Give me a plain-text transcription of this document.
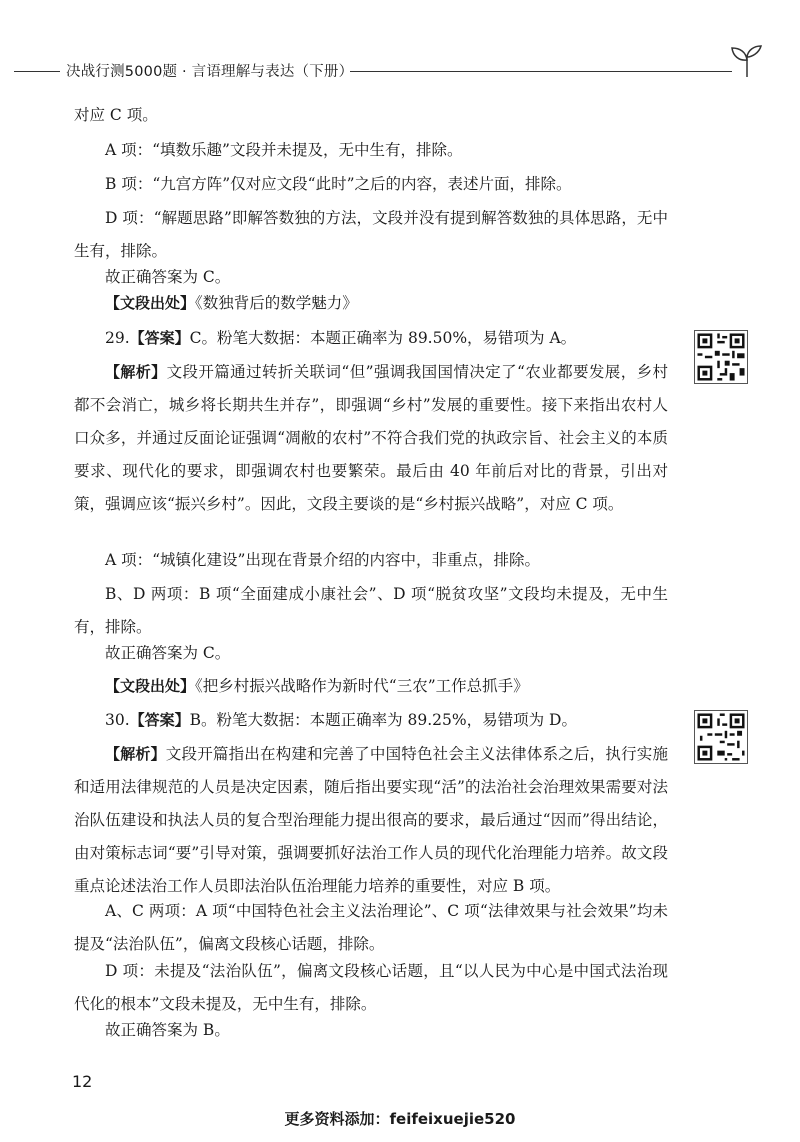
决战行测5000题 · 言语理解与表达（下册）

对应 C 项。

A 项：“填数乐趣”文段并未提及，无中生有，排除。

B 项：“九宫方阵”仅对应文段“此时”之后的内容，表述片面，排除。

D 项：“解题思路”即解答数独的方法，文段并没有提到解答数独的具体思路，无中生有，排除。

故正确答案为 C。

【文段出处】《数独背后的数学魅力》

29.【答案】C。粉笔大数据：本题正确率为 89.50%，易错项为 A。

【解析】文段开篇通过转折关联词“但”强调我国国情决定了“农业都要发展，乡村都不会消亡，城乡将长期共生并存”，即强调“乡村”发展的重要性。接下来指出农村人口众多，并通过反面论证强调“凋敝的农村”不符合我们党的执政宗旨、社会主义的本质要求、现代化的要求，即强调农村也要繁荣。最后由 40 年前后对比的背景，引出对策，强调应该“振兴乡村”。因此，文段主要谈的是“乡村振兴战略”，对应 C 项。

A 项：“城镇化建设”出现在背景介绍的内容中，非重点，排除。

B、D 两项：B 项“全面建成小康社会”、D 项“脱贫攻坚”文段均未提及，无中生有，排除。

故正确答案为 C。

【文段出处】《把乡村振兴战略作为新时代“三农”工作总抓手》

30.【答案】B。粉笔大数据：本题正确率为 89.25%，易错项为 D。

【解析】文段开篇指出在构建和完善了中国特色社会主义法律体系之后，执行实施和适用法律规范的人员是决定因素，随后指出要实现“活”的法治社会治理效果需要对法治队伍建设和执法人员的复合型治理能力提出很高的要求，最后通过“因而”得出结论，由对策标志词“要”引导对策，强调要抓好法治工作人员的现代化治理能力培养。故文段重点论述法治工作人员即法治队伍治理能力培养的重要性，对应 B 项。

A、C 两项：A 项“中国特色社会主义法治理论”、C 项“法律效果与社会效果”均未提及“法治队伍”，偏离文段核心话题，排除。

D 项：未提及“法治队伍”，偏离文段核心话题，且“以人民为中心是中国式法治现代化的根本”文段未提及，无中生有，排除。

故正确答案为 B。

12
更多资料添加：feifeixuejie520
